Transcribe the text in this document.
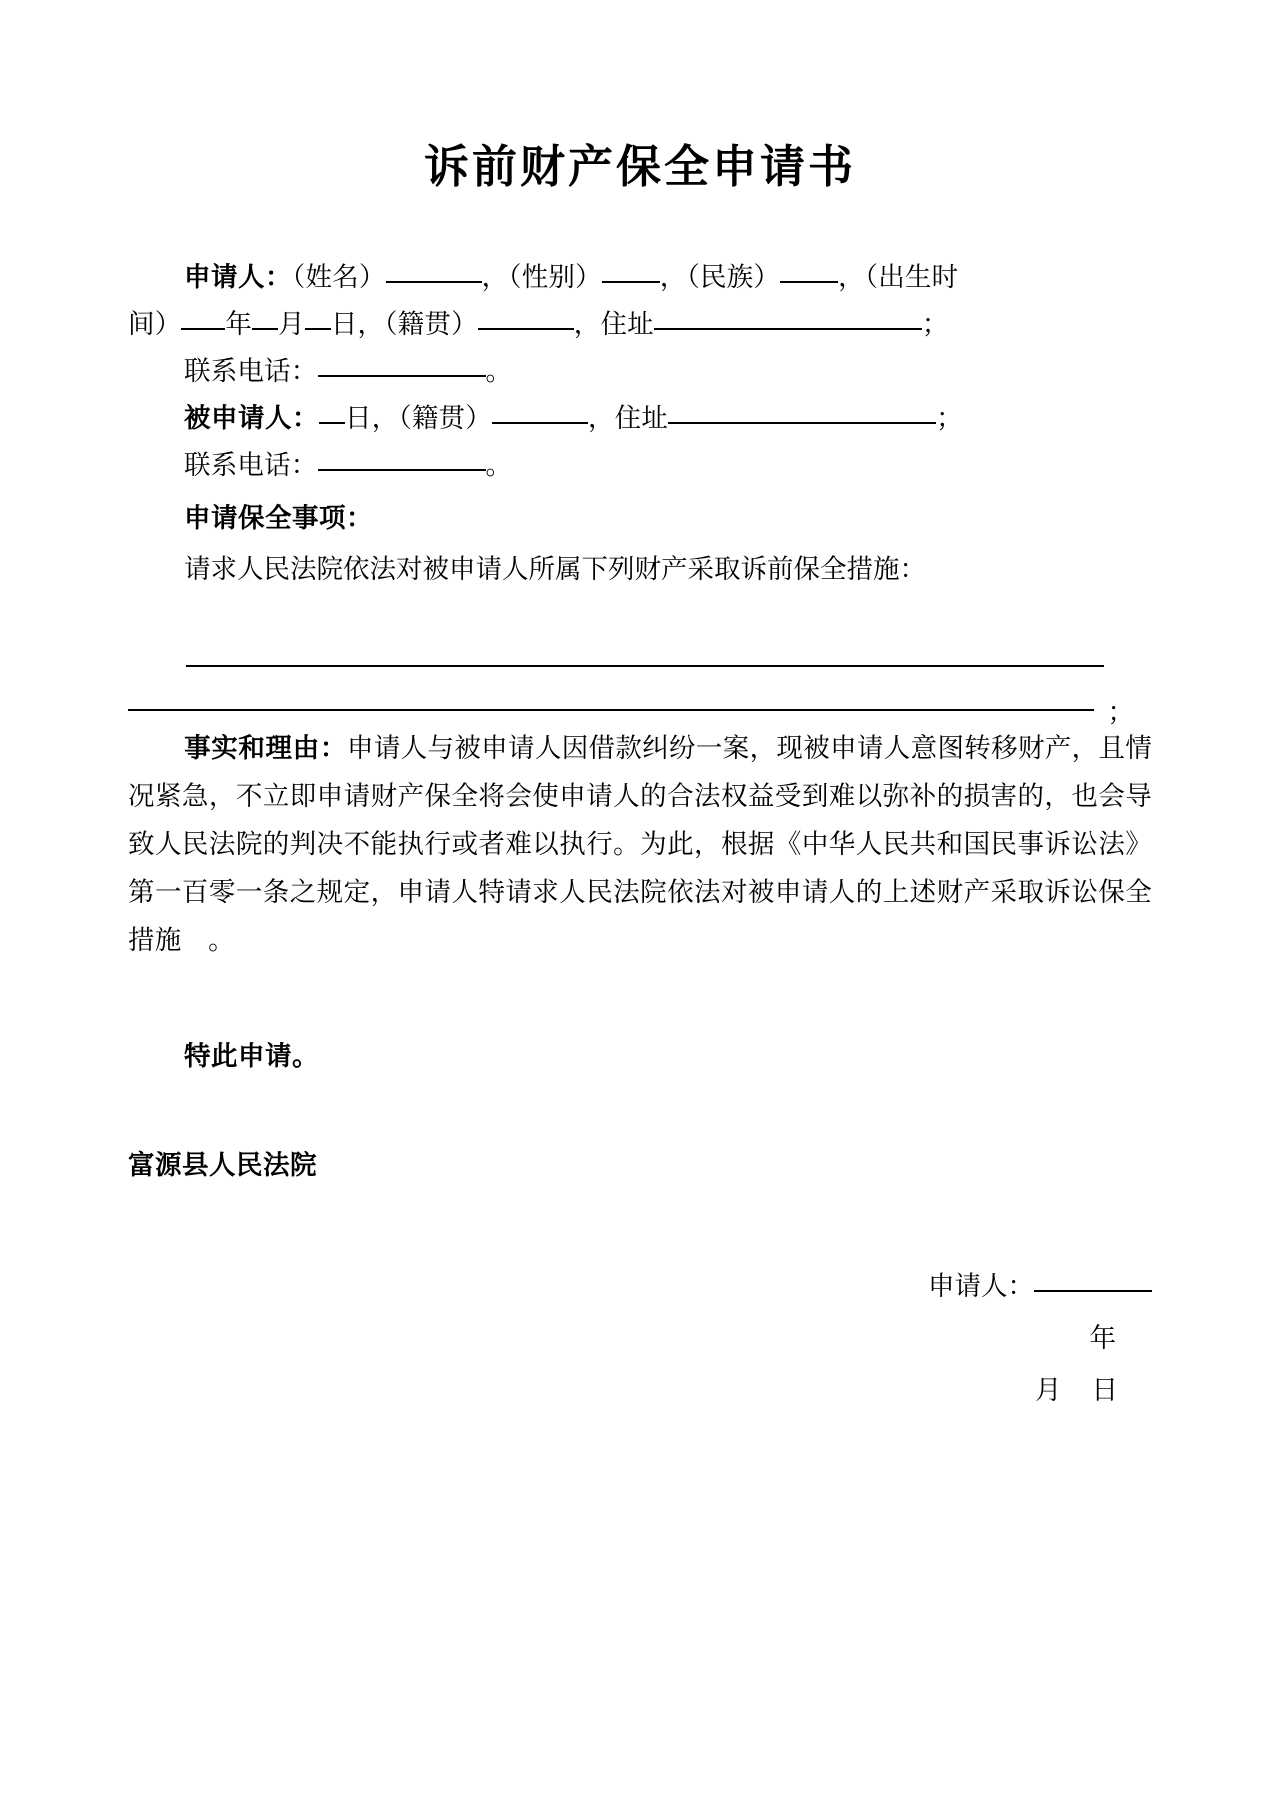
诉前财产保全申请书
申请人：（姓名）	，（性别） ，（民族） ，（出生时
间） 年 月 日，（籍贯）	，住址	；
联系电话：	。
被申请人： 日，（籍贯）	，住址	；
联系电话：	。
申请保全事项：
请求人民法院依法对被申请人所属下列财产采取诉前保全措施：
；
事实和理由：申请人与被申请人因借款纠纷一案，现被申请人意图转移财产，且情况紧急，不立即申请财产保全将会使申请人的合法权益受到难以弥补的损害的，也会导致人民法院的判决不能执行或者难以执行。为此，根据《中华人民共和国民事诉讼法》第一百零一条之规定，申请人特请求人民法院依法对被申请人的上述财产采取诉讼保全措施　。
特此申请。
富源县人民法院
申请人：
年
月 日
